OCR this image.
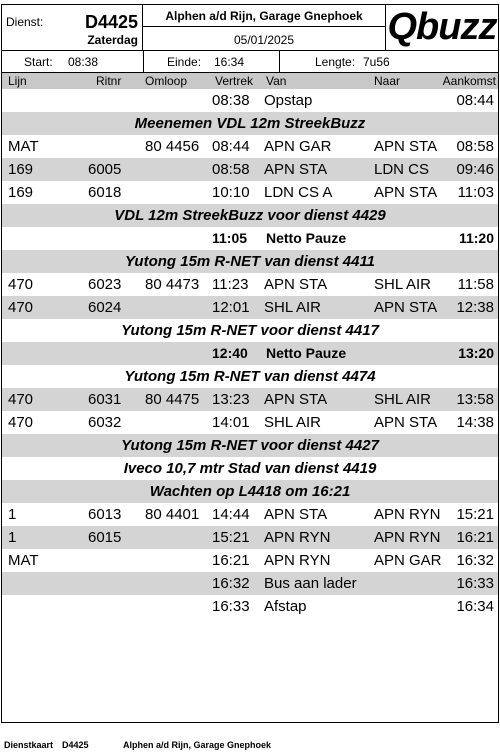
Dienst: D4425
Zaterdag
Alphen a/d Rijn, Garage Gnephoek
05/01/2025	Qbuzz
Start: 08:38	Einde: 16:34	Lengte: 7u56
Lijn	Ritnr Omloop Vertrek Van	Naar	Aankomst
08:38 Opstap	08:44
Meenemen VDL 12m StreekBuzz
MAT	80 4456 08:44 APN GAR	APN STA 08:58
169	6005	08:58 APN STA	LDN CS 09:46
169	6018	10:10 LDN CS A	APN STA 11:03
VDL 12m StreekBuzz voor dienst 4429
11:05 Netto Pauze	11:20
Yutong 15m R-NET van dienst 4411
470	6023 80 4473 11:23 APN STA	SHL AIR 11:58
470	6024	12:01 SHL AIR	APN STA 12:38
Yutong 15m R-NET voor dienst 4417
12:40 Netto Pauze	13:20
Yutong 15m R-NET van dienst 4474
470	6031 80 4475 13:23 APN STA	SHL AIR 13:58
470	6032	14:01 SHL AIR	APN STA 14:38
Yutong 15m R-NET voor dienst 4427
Iveco 10,7 mtr Stad van dienst 4419
Wachten op L4418 om 16:21
1	6013 80 4401 14:44 APN STA	APN RYN 15:21
1	6015	15:21 APN RYN	APN RYN 16:21
MAT	16:21 APN RYN	APN GAR 16:32
16:32 Bus aan lader	16:33
16:33 Afstap	16:34
Dienstkaart D4425	Alphen a/d Rijn, Garage Gnephoek
